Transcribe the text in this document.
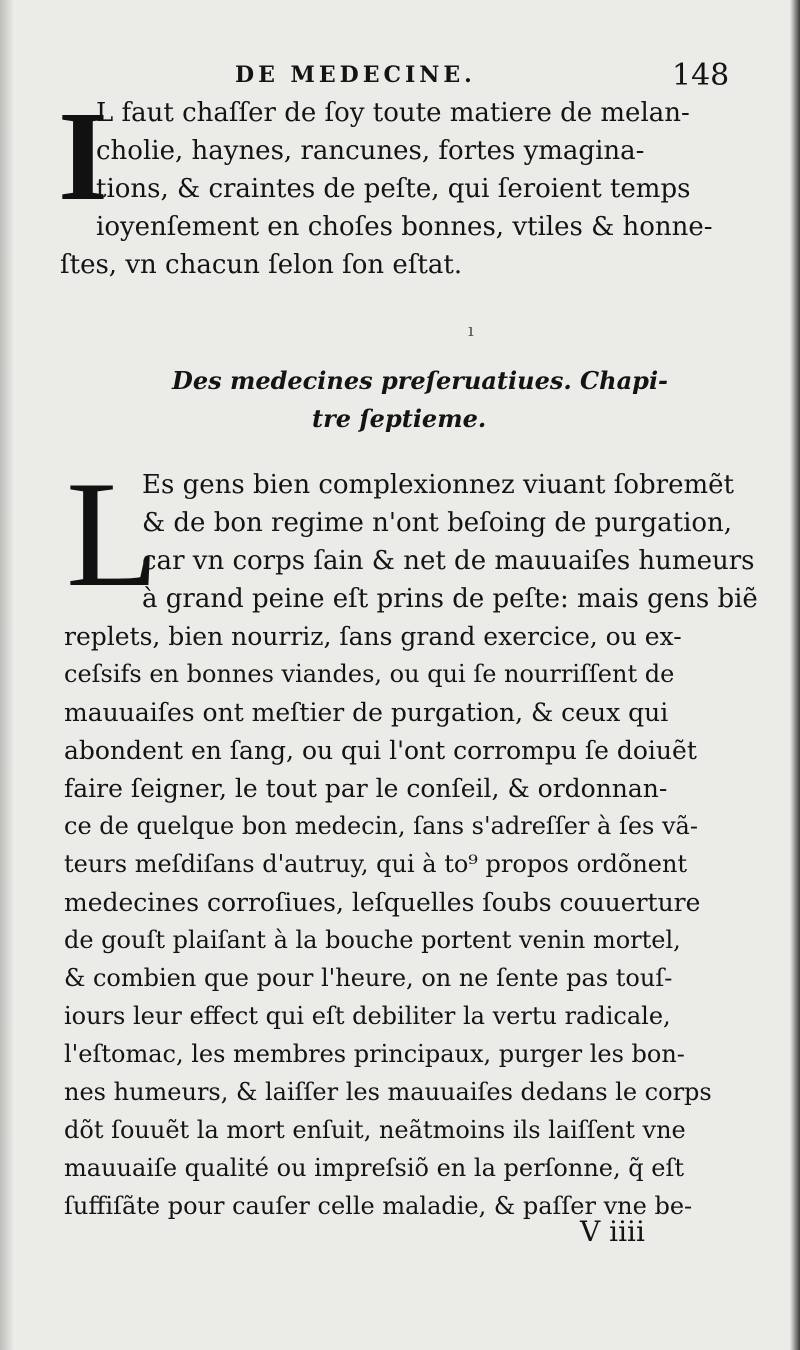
DE MEDECINE.	148
I
L faut chaſſer de ſoy toute matiere de melan-
cholie, haynes, rancunes, fortes ymagina-
tions, & craintes de peſte, qui ſeroient temps
ioyenſement en choſes bonnes, vtiles & honne-
ſtes, vn chacun ſelon ſon eſtat.
ı
Des medecines preſeruatiues. Chapi-
tre ſeptieme.
L
Es gens bien complexionnez viuant ſobremẽt
& de bon regime n'ont beſoing de purgation,
car vn corps ſain & net de mauuaiſes humeurs
à grand peine eſt prins de peſte: mais gens biẽ
replets, bien nourriz, ſans grand exercice, ou ex-
ceſsifs en bonnes viandes, ou qui ſe nourriſſent de
mauuaiſes ont meſtier de purgation, & ceux qui
abondent en ſang, ou qui l'ont corrompu ſe doiuẽt
faire ſeigner, le tout par le conſeil, & ordonnan-
ce de quelque bon medecin, ſans s'adreſſer à ſes vã-
teurs meſdiſans d'autruy, qui à to⁹ propos ordõnent
medecines corroſiues, leſquelles ſoubs couuerture
de gouſt plaiſant à la bouche portent venin mortel,
& combien que pour l'heure, on ne ſente pas touſ-
iours leur effect qui eſt debiliter la vertu radicale,
l'eſtomac, les membres principaux, purger les bon-
nes humeurs, & laiſſer les mauuaiſes dedans le corps
dõt ſouuẽt la mort enſuit, neãtmoins ils laiſſent vne
mauuaiſe qualité ou impreſsiõ en la perſonne, q̃ eſt
ſuffiſãte pour cauſer celle maladie, & paſſer vne be-
V iiii
